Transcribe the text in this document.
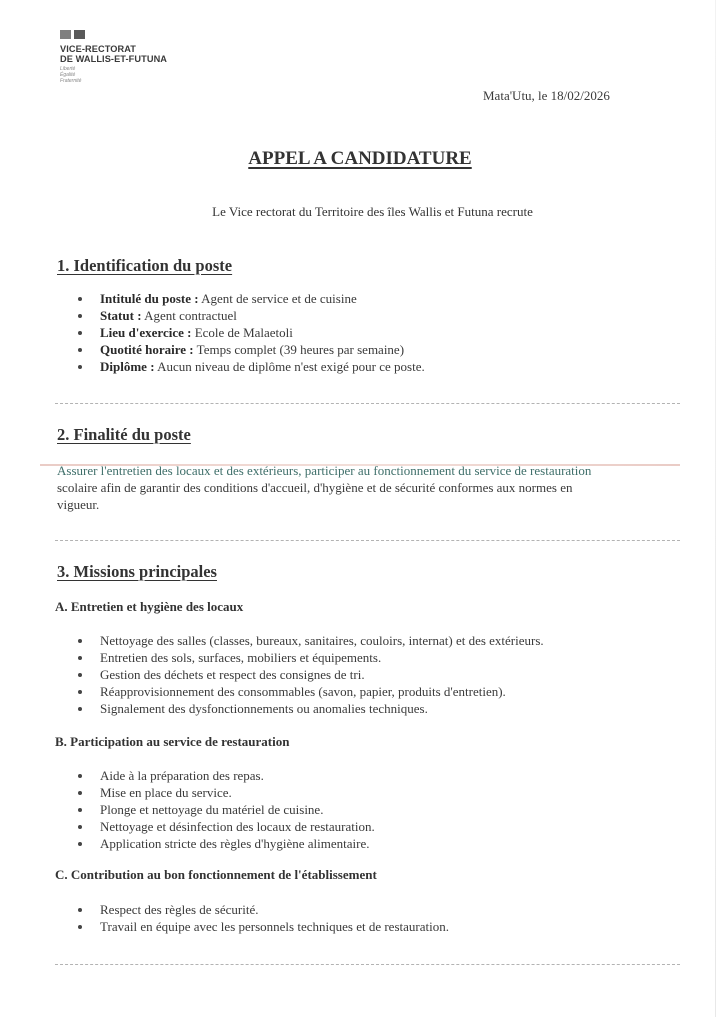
VICE-RECTORAT
DE WALLIS-ET-FUTUNA
Liberté
Égalité
Fraternité
Mata'Utu, le 18/02/2026
APPEL A CANDIDATURE
Le Vice rectorat du Territoire des îles Wallis et Futuna recrute
1. Identification du poste
Intitulé du poste : Agent de service et de cuisine
Statut : Agent contractuel
Lieu d'exercice : Ecole de Malaetoli
Quotité horaire : Temps complet (39 heures par semaine)
Diplôme : Aucun niveau de diplôme n'est exigé pour ce poste.
2. Finalité du poste
Assurer l'entretien des locaux et des extérieurs, participer au fonctionnement du service de restauration
scolaire afin de garantir des conditions d'accueil, d'hygiène et de sécurité conformes aux normes en
vigueur.
3. Missions principales
A. Entretien et hygiène des locaux
Nettoyage des salles (classes, bureaux, sanitaires, couloirs, internat) et des extérieurs.
Entretien des sols, surfaces, mobiliers et équipements.
Gestion des déchets et respect des consignes de tri.
Réapprovisionnement des consommables (savon, papier, produits d'entretien).
Signalement des dysfonctionnements ou anomalies techniques.
B. Participation au service de restauration
Aide à la préparation des repas.
Mise en place du service.
Plonge et nettoyage du matériel de cuisine.
Nettoyage et désinfection des locaux de restauration.
Application stricte des règles d'hygiène alimentaire.
C. Contribution au bon fonctionnement de l'établissement
Respect des règles de sécurité.
Travail en équipe avec les personnels techniques et de restauration.
